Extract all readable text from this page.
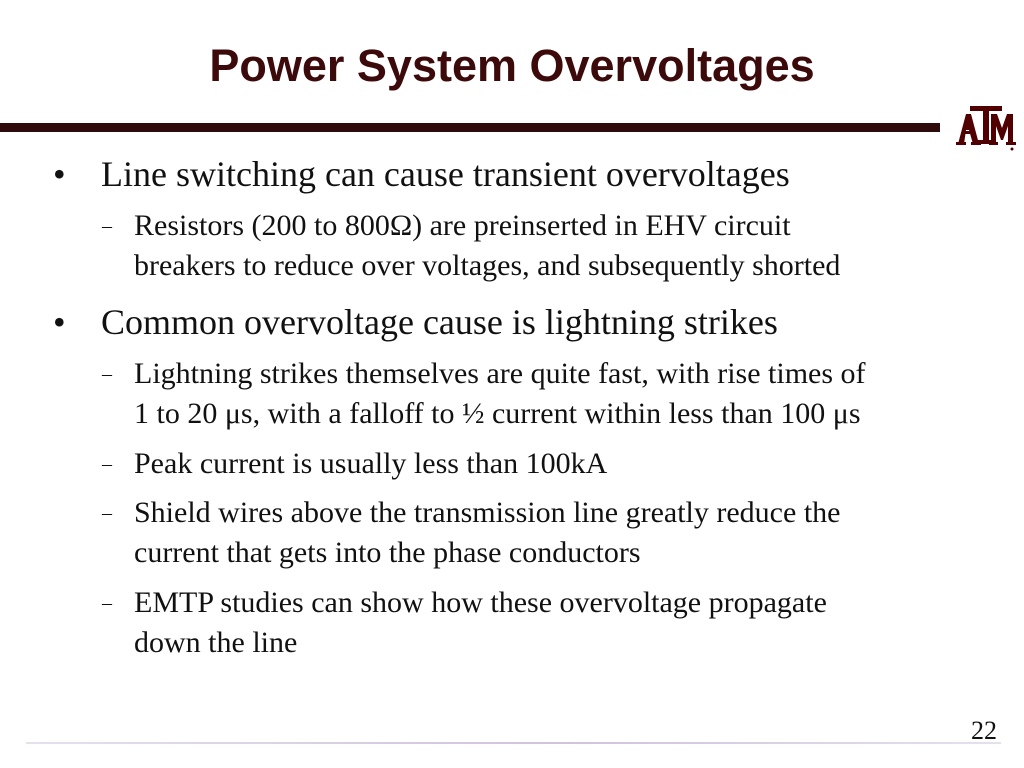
Power System Overvoltages
• Line switching can cause transient overvoltages
– Resistors (200 to 800Ω) are preinserted in EHV circuit
breakers to reduce over voltages, and subsequently shorted
• Common overvoltage cause is lightning strikes
– Lightning strikes themselves are quite fast, with rise times of
1 to 20 μs, with a falloff to ½ current within less than 100 μs
– Peak current is usually less than 100kA
– Shield wires above the transmission line greatly reduce the
current that gets into the phase conductors
– EMTP studies can show how these overvoltage propagate
down the line
22
